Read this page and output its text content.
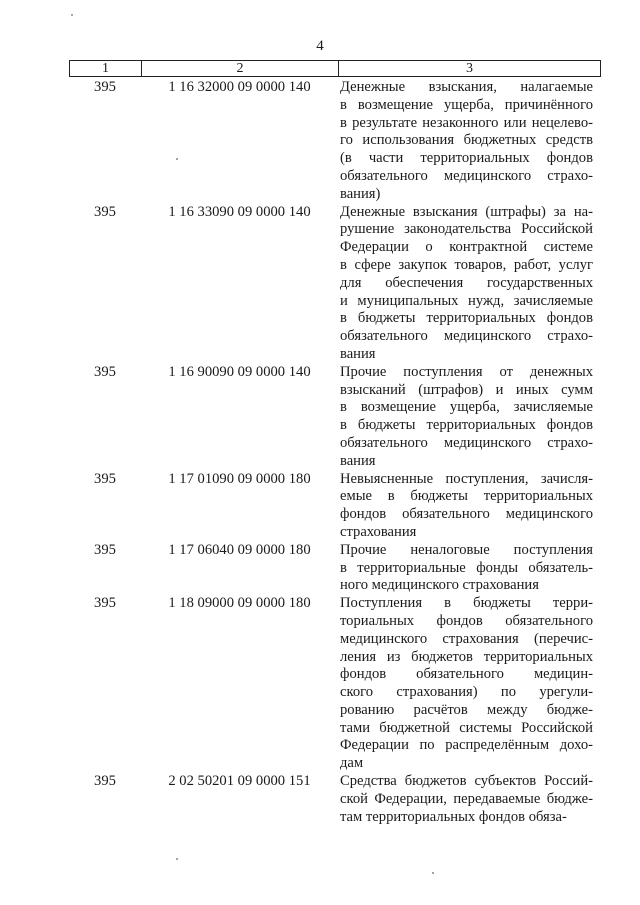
4
1	2	3
395	1 16 32000 09 0000 140	Денежные взыскания, налагаемые
в возмещение ущерба, причинённого
в результате незаконного или нецелево-
го использования бюджетных средств
(в части территориальных фондов
обязательного медицинского страхо-
вания)
395	1 16 33090 09 0000 140	Денежные взыскания (штрафы) за на-
рушение законодательства Российской
Федерации о контрактной системе
в сфере закупок товаров, работ, услуг
для обеспечения государственных
и муниципальных нужд, зачисляемые
в бюджеты территориальных фондов
обязательного медицинского страхо-
вания
395	1 16 90090 09 0000 140	Прочие поступления от денежных
взысканий (штрафов) и иных сумм
в возмещение ущерба, зачисляемые
в бюджеты территориальных фондов
обязательного медицинского страхо-
вания
395	1 17 01090 09 0000 180	Невыясненные поступления, зачисля-
емые в бюджеты территориальных
фондов обязательного медицинского
страхования
395	1 17 06040 09 0000 180	Прочие неналоговые поступления
в территориальные фонды обязатель-
ного медицинского страхования
395	1 18 09000 09 0000 180	Поступления в бюджеты терри-
ториальных фондов обязательного
медицинского страхования (перечис-
ления из бюджетов территориальных
фондов обязательного медицин-
ского страхования) по урегули-
рованию расчётов между бюдже-
тами бюджетной системы Российской
Федерации по распределённым дохо-
дам
395	2 02 50201 09 0000 151	Средства бюджетов субъектов Россий-
ской Федерации, передаваемые бюдже-
там территориальных фондов обяза-
